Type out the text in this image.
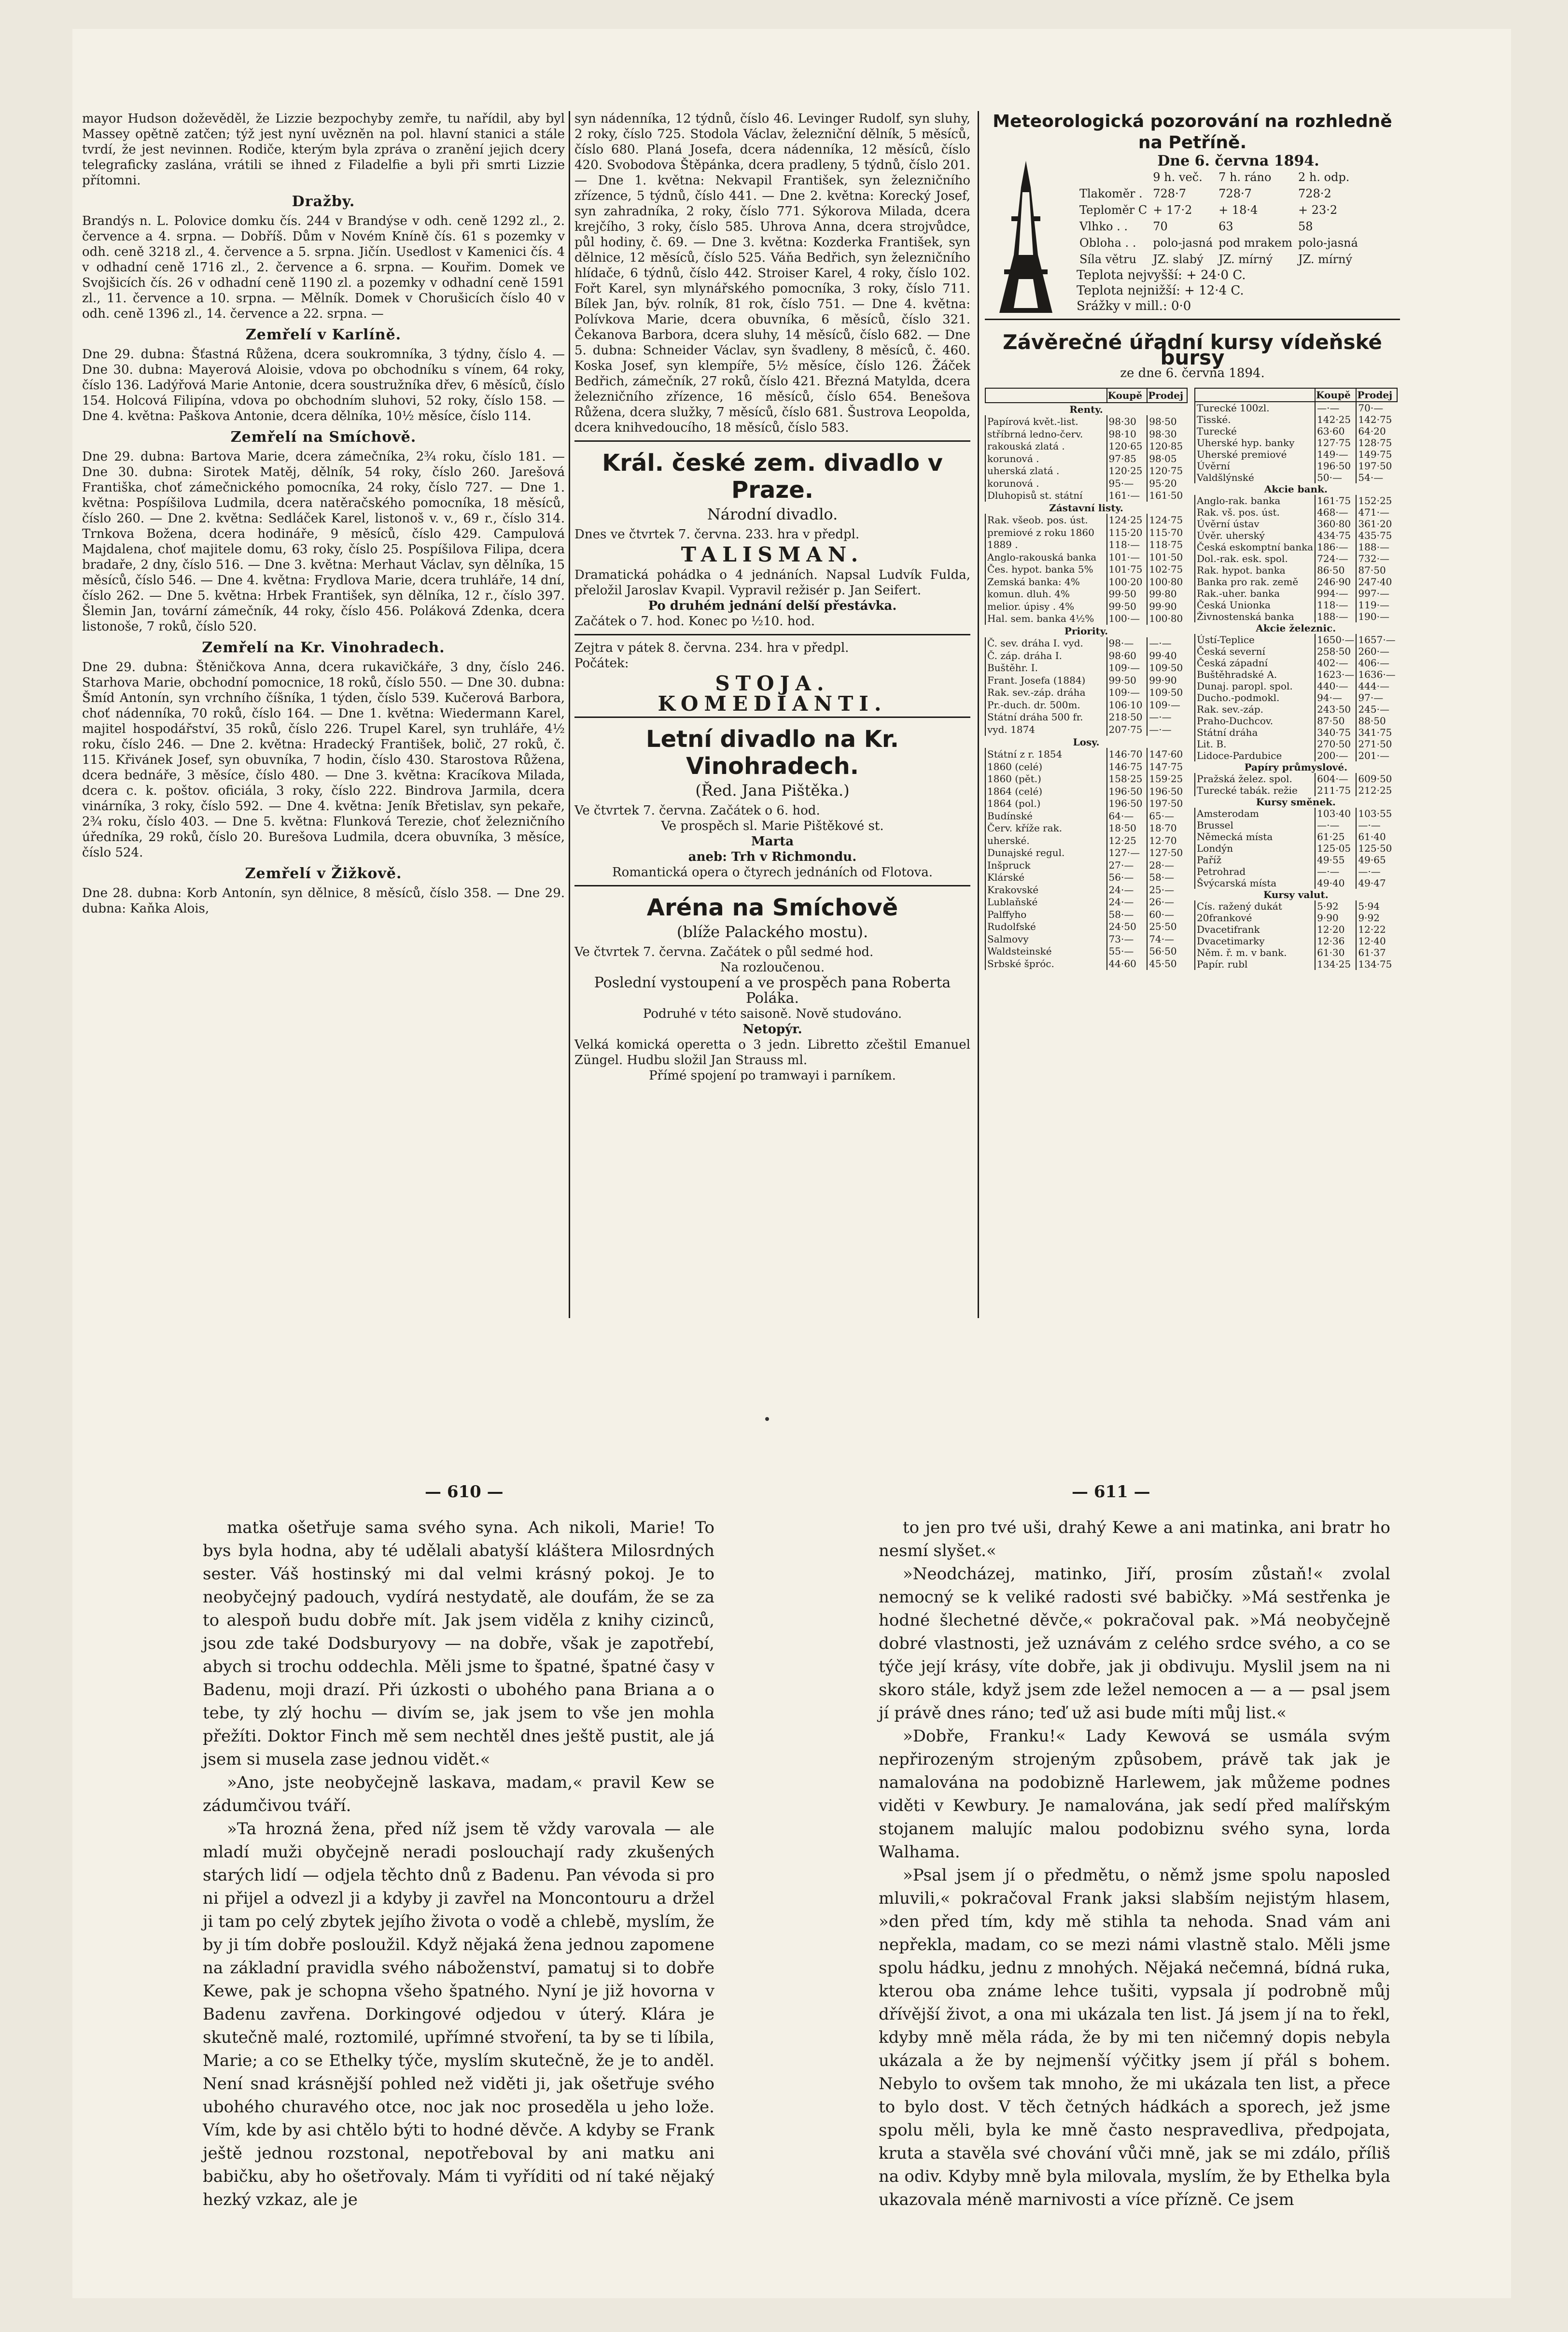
mayor Hudson doževěděl, že Lizzie bezpochyby zemře, tu nařídil, aby byl Massey opětně zatčen; týž jest nyní uvězněn na pol. hlavní stanici a stále tvrdí, že jest nevinnen. Rodiče, kterým byla zpráva o zranění jejich dcery telegraficky zaslána, vrátili se ihned z Filadelfie a byli při smrti Lizzie přítomni.

Dražby.

Brandýs n. L. Polovice domku čís. 244 v Brandýse v odh. ceně 1292 zl., 2. července a 4. srpna. — Dobříš. Dům v Novém Kníně čís. 61 s pozemky v odh. ceně 3218 zl., 4. července a 5. srpna. Jičín. Usedlost v Kamenici čís. 4 v odhadní ceně 1716 zl., 2. července a 6. srpna. — Kouřim. Domek ve Svojšicích čís. 26 v odhadní ceně 1190 zl. a pozemky v odhadní ceně 1591 zl., 11. července a 10. srpna. — Mělník. Domek v Chorušicích číslo 40 v odh. ceně 1396 zl., 14. července a 22. srpna. —

Zemřelí v Karlíně.

Dne 29. dubna: Šťastná Růžena, dcera soukromníka, 3 týdny, číslo 4. — Dne 30. dubna: Mayerová Aloisie, vdova po obchodníku s vínem, 64 roky, číslo 136. Ladýřová Marie Antonie, dcera soustružníka dřev, 6 měsíců, číslo 154. Holcová Filipína, vdova po obchodním sluhovi, 52 roky, číslo 158. — Dne 4. května: Paškova Antonie, dcera dělníka, 10½ měsíce, číslo 114.

Zemřelí na Smíchově.

Dne 29. dubna: Bartova Marie, dcera zámečníka, 2¾ roku, číslo 181. — Dne 30. dubna: Sirotek Matěj, dělník, 54 roky, číslo 260. Jarešová Františka, choť zámečnického pomocníka, 24 roky, číslo 727. — Dne 1. května: Pospíšilova Ludmila, dcera natěračského pomocníka, 18 měsíců, číslo 260. — Dne 2. května: Sedláček Karel, listonoš v. v., 69 r., číslo 314. Trnkova Božena, dcera hodináře, 9 měsíců, číslo 429. Campulová Majdalena, choť majitele domu, 63 roky, číslo 25. Pospíšilova Filipa, dcera bradaře, 2 dny, číslo 516. — Dne 3. května: Merhaut Václav, syn dělníka, 15 měsíců, číslo 546. — Dne 4. května: Frydlova Marie, dcera truhláře, 14 dní, číslo 262. — Dne 5. května: Hrbek František, syn dělníka, 12 r., číslo 397. Šlemin Jan, tovární zámečník, 44 roky, číslo 456. Poláková Zdenka, dcera listonoše, 7 roků, číslo 520.

Zemřelí na Kr. Vinohradech.

Dne 29. dubna: Štěničkova Anna, dcera rukavičkáře, 3 dny, číslo 246. Starhova Marie, obchodní pomocnice, 18 roků, číslo 550. — Dne 30. dubna: Šmíd Antonín, syn vrchního číšníka, 1 týden, číslo 539. Kučerová Barbora, choť nádenníka, 70 roků, číslo 164. — Dne 1. května: Wiedermann Karel, majitel hospodářství, 35 roků, číslo 226. Trupel Karel, syn truhláře, 4½ roku, číslo 246. — Dne 2. května: Hradecký František, bolič, 27 roků, č. 115. Křivánek Josef, syn obuvníka, 7 hodin, číslo 430. Starostova Růžena, dcera bednáře, 3 měsíce, číslo 480. — Dne 3. května: Kracíkova Milada, dcera c. k. poštov. oficiála, 3 roky, číslo 222. Bindrova Jarmila, dcera vinárníka, 3 roky, číslo 592. — Dne 4. května: Jeník Břetislav, syn pekaře, 2¾ roku, číslo 403. — Dne 5. května: Flunková Terezie, choť železničního úředníka, 29 roků, číslo 20. Burešova Ludmila, dcera obuvníka, 3 měsíce, číslo 524.

Zemřelí v Žižkově.

Dne 28. dubna: Korb Antonín, syn dělnice, 8 měsíců, číslo 358. — Dne 29. dubna: Kaňka Alois,

syn nádenníka, 12 týdnů, číslo 46. Levinger Rudolf, syn sluhy, 2 roky, číslo 725. Stodola Václav, železniční dělník, 5 měsíců, číslo 680. Planá Josefa, dcera nádenníka, 12 měsíců, číslo 420. Svobodova Štěpánka, dcera pradleny, 5 týdnů, číslo 201. — Dne 1. května: Nekvapil František, syn železničního zřízence, 5 týdnů, číslo 441. — Dne 2. května: Korecký Josef, syn zahradníka, 2 roky, číslo 771. Sýkorova Milada, dcera krejčího, 3 roky, číslo 585. Uhrova Anna, dcera strojvůdce, půl hodiny, č. 69. — Dne 3. května: Kozderka František, syn dělnice, 12 měsíců, číslo 525. Váňa Bedřich, syn železničního hlídače, 6 týdnů, číslo 442. Stroiser Karel, 4 roky, číslo 102. Fořt Karel, syn mlynářského pomocníka, 3 roky, číslo 711. Bílek Jan, býv. rolník, 81 rok, číslo 751. — Dne 4. května: Polívkova Marie, dcera obuvníka, 6 měsíců, číslo 321. Čekanova Barbora, dcera sluhy, 14 měsíců, číslo 682. — Dne 5. dubna: Schneider Václav, syn švadleny, 8 měsíců, č. 460. Koska Josef, syn klempíře, 5½ měsíce, číslo 126. Žáček Bedřich, zámečník, 27 roků, číslo 421. Březná Matylda, dcera železničního zřízence, 16 měsíců, číslo 654. Benešova Růžena, dcera služky, 7 měsíců, číslo 681. Šustrova Leopolda, dcera knihvedoucího, 18 měsíců, číslo 583.

Král. české zem. divadlo v Praze.
Národní divadlo.
Dnes ve čtvrtek 7. června. 233. hra v předpl.
TALISMAN.
Dramatická pohádka o 4 jednáních. Napsal Ludvík Fulda, přeložil Jaroslav Kvapil. Vypravil režisér p. Jan Seifert.
Po druhém jednání delší přestávka.
Začátek o 7. hod. Konec po ½10. hod.
Zejtra v pátek 8. června. 234. hra v předpl.
Počátek:
STOJA.
KOMEDIANTI.
Letní divadlo na Kr. Vinohradech.
(Řed. Jana Pištěka.)
Ve čtvrtek 7. června. Začátek o 6. hod.
Ve prospěch sl. Marie Pištěkové st.
Marta
aneb: Trh v Richmondu.
Romantická opera o čtyrech jednáních od Flotova.
Aréna na Smíchově
(blíže Palackého mostu).
Ve čtvrtek 7. června. Začátek o půl sedmé hod.
Na rozloučenou.
Poslední vystoupení a ve prospěch pana Roberta Poláka.
Podruhé v této saisoně. Nově studováno.
Netopýr.
Velká komická operetta o 3 jedn. Libretto zčeštil Emanuel Züngel. Hudbu složil Jan Strauss ml.
Přímé spojení po tramwayi i parníkem.
Meteorologická pozorování na rozhledně na Petříně.
Dne 6. června 1894.
	9 h. več.	7 h. ráno	2 h. odp.
Tlakoměr .	728·7	728·7	728·2
Teploměr C	+ 17·2	+ 18·4	+ 23·2
Vlhko . .	70	63	58
Obloha . .	polo-jasná	pod mrakem	polo-jasná
Síla větru	JZ. slabý	JZ. mírný	JZ. mírný
Teplota nejvyšší: + 24·0 C.
Teplota nejnižší: + 12·4 C.
Srážky v mill.: 0·0
Závěrečné úřadní kursy vídeňské bursy
ze dne 6. června 1894.
	Koupě	Prodej
Renty.		
Papírová květ.-list.	98·30	98·50
stříbrná ledno-červ.	98·10	98·30
rakouská zlatá .	120·65	120·85
korunová .	97·85	98·05
uherská zlatá .	120·25	120·75
korunová .	95·—	95·20
Dluhopisů st. státní	161·—	161·50
Zástavní listy.		
Rak. všeob. pos. úst.	124·25	124·75
premiové z roku 1860	115·20	115·70
1889 .	118·—	118·75
Anglo-rakouská banka	101·—	101·50
Čes. hypot. banka 5%	101·75	102·75
Zemská banka: 4%	100·20	100·80
komun. dluh. 4%	99·50	99·80
melior. úpisy . 4%	99·50	99·90
Hal. sem. banka 4½%	100·—	100·80
Priority.		
Č. sev. dráha I. vyd.	98·—	—·—
Č. záp. dráha I.	98·60	99·40
Buštěhr. I.	109·—	109·50
Frant. Josefa (1884)	99·50	99·90
Rak. sev.-záp. dráha	109·—	109·50
Pr.-duch. dr. 500m.	106·10	109·—
Státní dráha 500 fr.	218·50	—·—
vyd. 1874	207·75	—·—
Losy.		
Státní z r. 1854	146·70	147·60
1860 (celé)	146·75	147·75
1860 (pět.)	158·25	159·25
1864 (celé)	196·50	196·50
1864 (pol.)	196·50	197·50
Budínské	64·—	65·—
Červ. kříže rak.	18·50	18·70
uherské.	12·25	12·70
Dunajské regul.	127·—	127·50
Inšpruck	27·—	28·—
Klárské	56·—	58·—
Krakovské	24·—	25·—
Lublaňské	24·—	26·—
Palffyho	58·—	60·—
Rudolfské	24·50	25·50
Salmovy	73·—	74·—
Waldsteinské	55·—	56·50
Srbské špróc.	44·60	45·50
	Koupě	Prodej
Turecké 100zl.	—·—	70·—
Tisské.	142·25	142·75
Turecké	63·60	64·20
Uherské hyp. banky	127·75	128·75
Uherské premiové	149·—	149·75
Úvěrní	196·50	197·50
Valdšlýnské	50·—	54·—
Akcie bank.		
Anglo-rak. banka	161·75	152·25
Rak. vš. pos. úst.	468·—	471·—
Úvěrní ústav	360·80	361·20
Úvěr. uherský	434·75	435·75
Česká eskomptní banka	186·—	188·—
Dol.-rak. esk. spol.	724·—	732·—
Rak. hypot. banka	86·50	87·50
Banka pro rak. země	246·90	247·40
Rak.-uher. banka	994·—	997·—
Česká Unionka	118·—	119·—
Živnostenská banka	188·—	190·—
Akcie železnic.		
Ústí-Teplice	1650·—	1657·—
Česká severní	258·50	260·—
Česká západní	402·—	406·—
Buštěhradské A.	1623·—	1636·—
Dunaj. paropl. spol.	440·—	444·—
Ducho.-podmokl.	94·—	97·—
Rak. sev.-záp.	243·50	245·—
Praho-Duchcov.	87·50	88·50
Státní dráha	340·75	341·75
Lit. B.	270·50	271·50
Lidoce-Pardubice	200·—	201·—
Papíry průmyslové.		
Pražská želez. spol.	604·—	609·50
Turecké tabák. režie	211·75	212·25
Kursy směnek.		
Amsterodam	103·40	103·55
Brussel	—·—	—·—
Německá místa	61·25	61·40
Londýn	125·05	125·50
Paříž	49·55	49·65
Petrohrad	—·—	—·—
Švýcarská místa	49·40	49·47
Kursy valut.		
Cís. ražený dukát	5·92	5·94
20frankové	9·90	9·92
Dvacetifrank	12·20	12·22
Dvacetimarky	12·36	12·40
Něm. ř. m. v bank.	61·30	61·37
Papír. rubl	134·25	134·75
— 610 —	— 611 —

matka ošetřuje sama svého syna. Ach nikoli, Marie! To bys byla hodna, aby té udělali abatyší kláštera Milosrdných sester. Váš hostinský mi dal velmi krásný pokoj. Je to neobyčejný padouch, vydírá nestydatě, ale doufám, že se za to alespoň budu dobře mít. Jak jsem viděla z knihy cizinců, jsou zde také Dodsburyovy — na dobře, však je zapotřebí, abych si trochu oddechla. Měli jsme to špatné, špatné časy v Badenu, moji drazí. Při úzkosti o ubohého pana Briana a o tebe, ty zlý hochu — divím se, jak jsem to vše jen mohla přežíti. Doktor Finch mě sem nechtěl dnes ještě pustit, ale já jsem si musela zase jednou vidět.«

»Ano, jste neobyčejně laskava, madam,« pravil Kew se zádumčivou tváří.

»Ta hrozná žena, před níž jsem tě vždy varovala — ale mladí muži obyčejně neradi poslouchají rady zkušených starých lidí — odjela těchto dnů z Badenu. Pan vévoda si pro ni přijel a odvezl ji a kdyby ji zavřel na Moncontouru a držel ji tam po celý zbytek jejího života o vodě a chlebě, myslím, že by ji tím dobře posloužil. Když nějaká žena jednou zapomene na základní pravidla svého náboženství, pamatuj si to dobře Kewe, pak je schopna všeho špatného. Nyní je již hovorna v Badenu zavřena. Dorkingové odjedou v úterý. Klára je skutečně malé, roztomilé, upřímné stvoření, ta by se ti líbila, Marie; a co se Ethelky týče, myslím skutečně, že je to anděl. Není snad krásnější pohled než viděti ji, jak ošetřuje svého ubohého churavého otce, noc jak noc proseděla u jeho lože. Vím, kde by asi chtělo býti to hodné děvče. A kdyby se Frank ještě jednou rozstonal, nepotřeboval by ani matku ani babičku, aby ho ošetřovaly. Mám ti vyříditi od ní také nějaký hezký vzkaz, ale je

to jen pro tvé uši, drahý Kewe a ani matinka, ani bratr ho nesmí slyšet.«

»Neodcházej, matinko, Jiří, prosím zůstaň!« zvolal nemocný se k veliké radosti své babičky. »Má sestřenka je hodné šlechetné děvče,« pokračoval pak. »Má neobyčejně dobré vlastnosti, jež uznávám z celého srdce svého, a co se týče její krásy, víte dobře, jak ji obdivuju. Myslil jsem na ni skoro stále, když jsem zde ležel nemocen a — a — psal jsem jí právě dnes ráno; teď už asi bude míti můj list.«

»Dobře, Franku!« Lady Kewová se usmála svým nepřirozeným strojeným způsobem, právě tak jak je namalována na podobizně Harlewem, jak můžeme podnes viděti v Kewbury. Je namalována, jak sedí před malířským stojanem malujíc malou podobiznu svého syna, lorda Walhama.

»Psal jsem jí o předmětu, o němž jsme spolu naposled mluvili,« pokračoval Frank jaksi slabším nejistým hlasem, »den před tím, kdy mě stihla ta nehoda. Snad vám ani nepřekla, madam, co se mezi námi vlastně stalo. Měli jsme spolu hádku, jednu z mnohých. Nějaká nečemná, bídná ruka, kterou oba známe lehce tušiti, vypsala jí podrobně můj dřívější život, a ona mi ukázala ten list. Já jsem jí na to řekl, kdyby mně měla ráda, že by mi ten ničemný dopis nebyla ukázala a že by nejmenší výčitky jsem jí přál s bohem. Nebylo to ovšem tak mnoho, že mi ukázala ten list, a přece to bylo dost. V těch četných hádkách a sporech, jež jsme spolu měli, byla ke mně často nespravedliva, předpojata, kruta a stavěla své chování vůči mně, jak se mi zdálo, příliš na odiv. Kdyby mně byla milovala, myslím, že by Ethelka byla ukazovala méně marnivosti a více přízně. Ce jsem
